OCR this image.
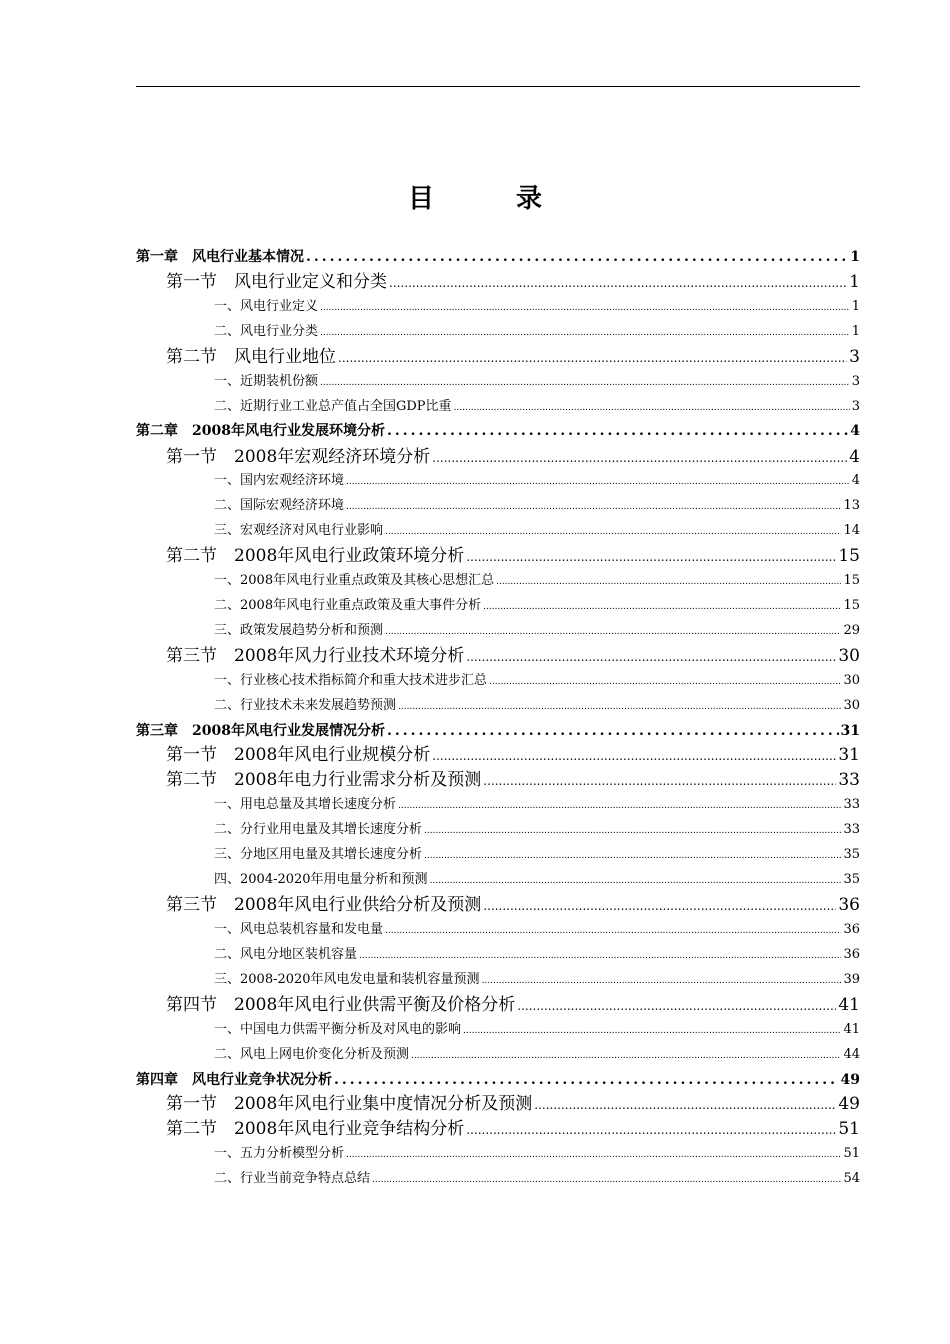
目　录
第一章　风电行业基本情况 .....	1
第一节　风电行业定义和分类 .....	1
一、风电行业定义 .....	1
二、风电行业分类 .....	1
第二节　风电行业地位 .....	3
一、近期装机份额 .....	3
二、近期行业工业总产值占全国GDP比重 .....	3
第二章　2008年风电行业发展环境分析 .....	4
第一节　2008年宏观经济环境分析 .....	4
一、国内宏观经济环境 .....	4
二、国际宏观经济环境 .....	13
三、宏观经济对风电行业影响 .....	14
第二节　2008年风电行业政策环境分析 .....	15
一、2008年风电行业重点政策及其核心思想汇总 .....	15
二、2008年风电行业重点政策及重大事件分析 .....	15
三、政策发展趋势分析和预测 .....	29
第三节　2008年风力行业技术环境分析 .....	30
一、行业核心技术指标简介和重大技术进步汇总 .....	30
二、行业技术未来发展趋势预测 .....	30
第三章　2008年风电行业发展情况分析 .....	31
第一节　2008年风电行业规模分析 .....	31
第二节　2008年电力行业需求分析及预测 .....	33
一、用电总量及其增长速度分析 .....	33
二、分行业用电量及其增长速度分析 .....	33
三、分地区用电量及其增长速度分析 .....	35
四、2004-2020年用电量分析和预测 .....	35
第三节　2008年风电行业供给分析及预测 .....	36
一、风电总装机容量和发电量 .....	36
二、风电分地区装机容量 .....	36
三、2008-2020年风电发电量和装机容量预测 .....	39
第四节　2008年风电行业供需平衡及价格分析 .....	41
一、中国电力供需平衡分析及对风电的影响 .....	41
二、风电上网电价变化分析及预测 .....	44
第四章　风电行业竞争状况分析 .....	49
第一节　2008年风电行业集中度情况分析及预测 .....	49
第二节　2008年风电行业竞争结构分析 .....	51
一、五力分析模型分析 .....	51
二、行业当前竞争特点总结 .....	54
